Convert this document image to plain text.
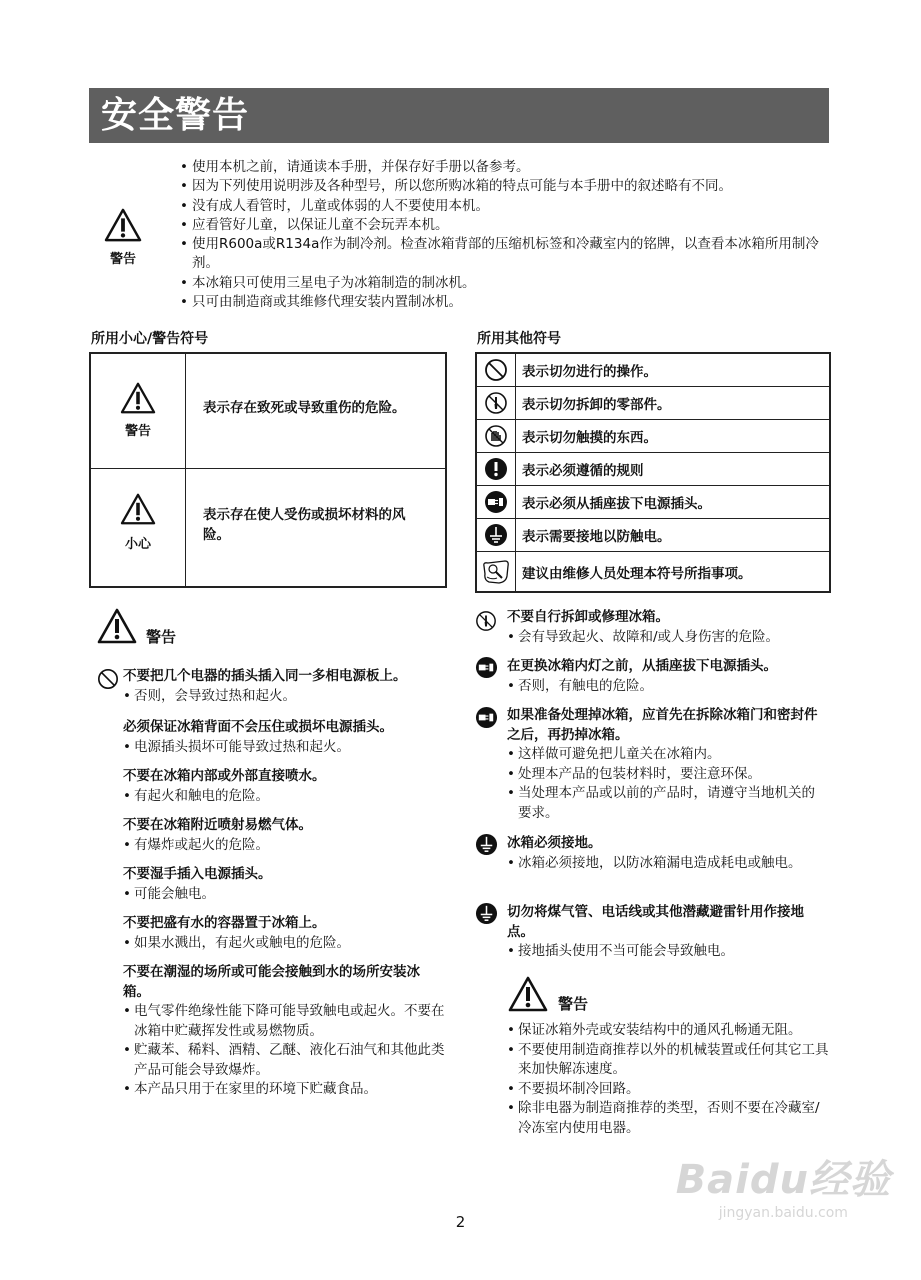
安全警告
警告
• 使用本机之前，请通读本手册，并保存好手册以备参考。
• 因为下列使用说明涉及各种型号，所以您所购冰箱的特点可能与本手册中的叙述略有不同。
• 没有成人看管时，儿童或体弱的人不要使用本机。
• 应看管好儿童，以保证儿童不会玩弄本机。
• 使用R600a或R134a作为制冷剂。检查冰箱背部的压缩机标签和冷藏室内的铭牌，以查看本冰箱所用制冷剂。
• 本冰箱只可使用三星电子为冰箱制造的制冰机。
• 只可由制造商或其维修代理安装内置制冰机。
所用小心/警告符号
警告
表示存在致死或导致重伤的危险。
小心
表示存在使人受伤或损坏材料的风险。
所用其他符号
表示切勿进行的操作。
表示切勿拆卸的零部件。
表示切勿触摸的东西。
表示必须遵循的规则
表示必须从插座拔下电源插头。
表示需要接地以防触电。
建议由维修人员处理本符号所指事项。
警告
不要把几个电器的插头插入同一多相电源板上。
• 否则，会导致过热和起火。
必须保证冰箱背面不会压住或损坏电源插头。
• 电源插头损坏可能导致过热和起火。
不要在冰箱内部或外部直接喷水。
• 有起火和触电的危险。
不要在冰箱附近喷射易燃气体。
• 有爆炸或起火的危险。
不要湿手插入电源插头。
• 可能会触电。
不要把盛有水的容器置于冰箱上。
• 如果水溅出，有起火或触电的危险。
不要在潮湿的场所或可能会接触到水的场所安装冰箱。
• 电气零件绝缘性能下降可能导致触电或起火。不要在冰箱中贮藏挥发性或易燃物质。
• 贮藏苯、稀料、酒精、乙醚、液化石油气和其他此类产品可能会导致爆炸。
• 本产品只用于在家里的环境下贮藏食品。
不要自行拆卸或修理冰箱。
• 会有导致起火、故障和/或人身伤害的危险。
在更换冰箱内灯之前，从插座拔下电源插头。
• 否则，有触电的危险。
如果准备处理掉冰箱，应首先在拆除冰箱门和密封件之后，再扔掉冰箱。
• 这样做可避免把儿童关在冰箱内。
• 处理本产品的包装材料时，要注意环保。
• 当处理本产品或以前的产品时，请遵守当地机关的要求。
冰箱必须接地。
• 冰箱必须接地，以防冰箱漏电造成耗电或触电。
切勿将煤气管、电话线或其他潜藏避雷针用作接地点。
• 接地插头使用不当可能会导致触电。
警告
• 保证冰箱外壳或安装结构中的通风孔畅通无阻。
• 不要使用制造商推荐以外的机械装置或任何其它工具来加快解冻速度。
• 不要损坏制冷回路。
• 除非电器为制造商推荐的类型，否则不要在冷藏室/冷冻室内使用电器。
Baidu经验
jingyan.baidu.com
2
